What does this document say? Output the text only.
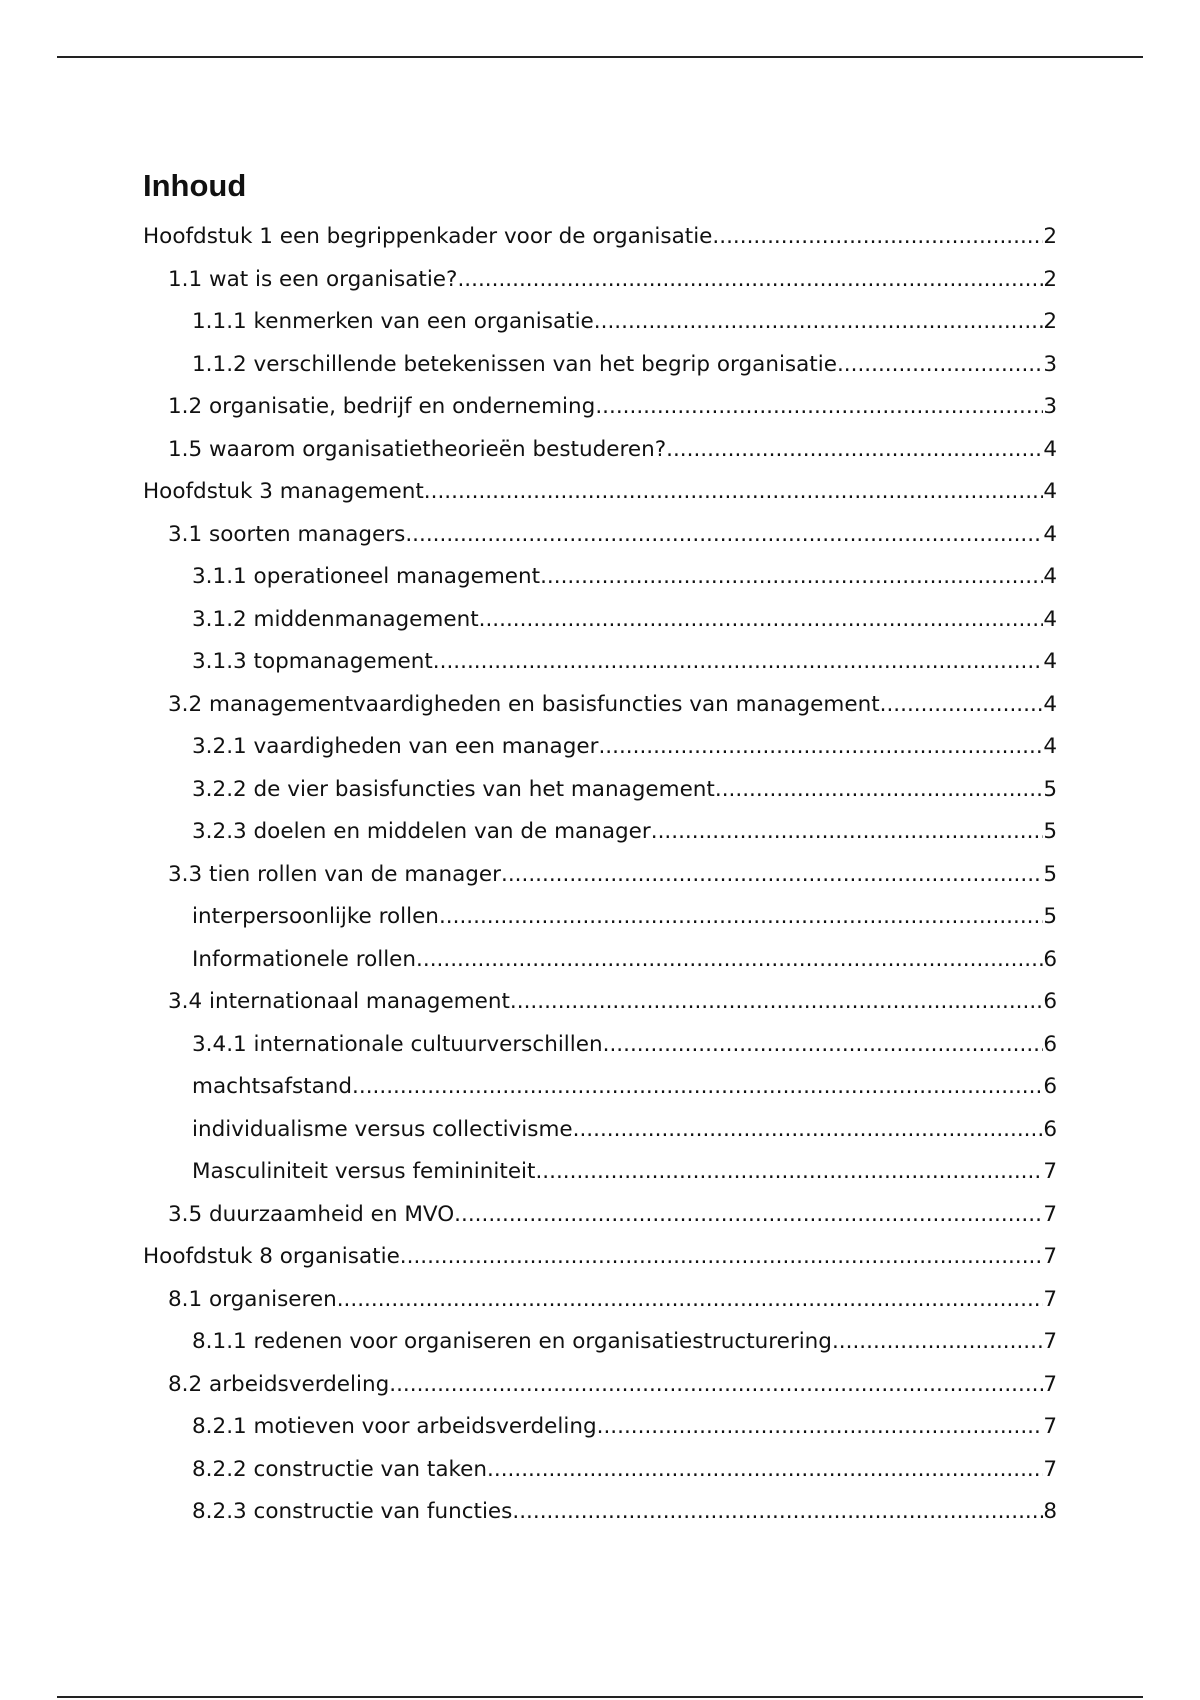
Inhoud
Hoofdstuk 1 een begrippenkader voor de organisatie .....	2
1.1 wat is een organisatie? .....	2
1.1.1 kenmerken van een organisatie .....	2
1.1.2 verschillende betekenissen van het begrip organisatie .....	3
1.2 organisatie, bedrijf en onderneming .....	3
1.5 waarom organisatietheorieën bestuderen? .....	4
Hoofdstuk 3 management .....	4
3.1 soorten managers .....	4
3.1.1 operationeel management .....	4
3.1.2 middenmanagement .....	4
3.1.3 topmanagement .....	4
3.2 managementvaardigheden en basisfuncties van management .....	4
3.2.1 vaardigheden van een manager .....	4
3.2.2 de vier basisfuncties van het management .....	5
3.2.3 doelen en middelen van de manager .....	5
3.3 tien rollen van de manager .....	5
interpersoonlijke rollen .....	5
Informationele rollen .....	6
3.4 internationaal management .....	6
3.4.1 internationale cultuurverschillen .....	6
machtsafstand .....	6
individualisme versus collectivisme .....	6
Masculiniteit versus femininiteit .....	7
3.5 duurzaamheid en MVO .....	7
Hoofdstuk 8 organisatie .....	7
8.1 organiseren .....	7
8.1.1 redenen voor organiseren en organisatiestructurering .....	7
8.2 arbeidsverdeling .....	7
8.2.1 motieven voor arbeidsverdeling .....	7
8.2.2 constructie van taken .....	7
8.2.3 constructie van functies .....	8
